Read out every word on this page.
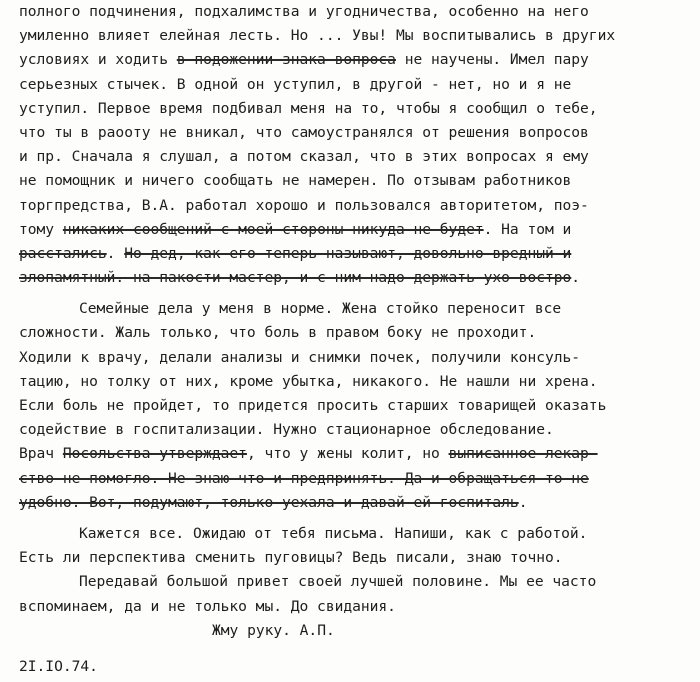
полного подчинения, подхалимства и угодничества, особенно на него
умиленно влияет елейная лесть. Но ... Увы! Мы воспитывались в других
условиях и ходить в подожении знака вопроса не научены. Имел пару
серьезных стычек. В одной он уступил, в другой - нет, но и я не
уступил. Первое время подбивал меня на то, чтобы я сообщил о тебе,
что ты в раооту не вникал, что самоустранялся от решения вопросов
и пр. Сначала я слушал, а потом сказал, что в этих вопросах я ему
не помощник и ничего сообщать не намерен. По отзывам работников
торгпредства, В.А. работал хорошо и пользовался авторитетом, поэ-
тому никаких сообщений с моей стороны никуда не будет. На том и
расстались. Но дед, как его теперь называют, довольно вредный и
злопамятный. на пакости мастер, и с ним надо держать ухо востро.
Семейные дела у меня в норме. Жена стойко переносит все
сложности. Жаль только, что боль в правом боку не проходит.
Ходили к врачу, делали анализы и снимки почек, получили консуль-
тацию, но толку от них, кроме убытка, никакого. Не нашли ни хрена.
Если боль не пройдет, то придется просить старших товарищей оказать
содействие в госпитализации. Нужно стационарное обследование.
Врач Посольства утверждает, что у жены колит, но выписанное лекар-
ство не помогло. Не знаю что и предпринять. Да и обращаться-то не
удобно. Вот, подумают, только уехала и давай ей госпиталь.
Кажется все. Ожидаю от тебя письма. Напиши, как с работой.
Есть ли перспектива сменить пуговицы? Ведь писали, знаю точно.
Передавай большой привет своей лучшей половине. Мы ее часто
вспоминаем, да и не только мы. До свидания.
Жму руку. А.П.
2I.IO.74.
